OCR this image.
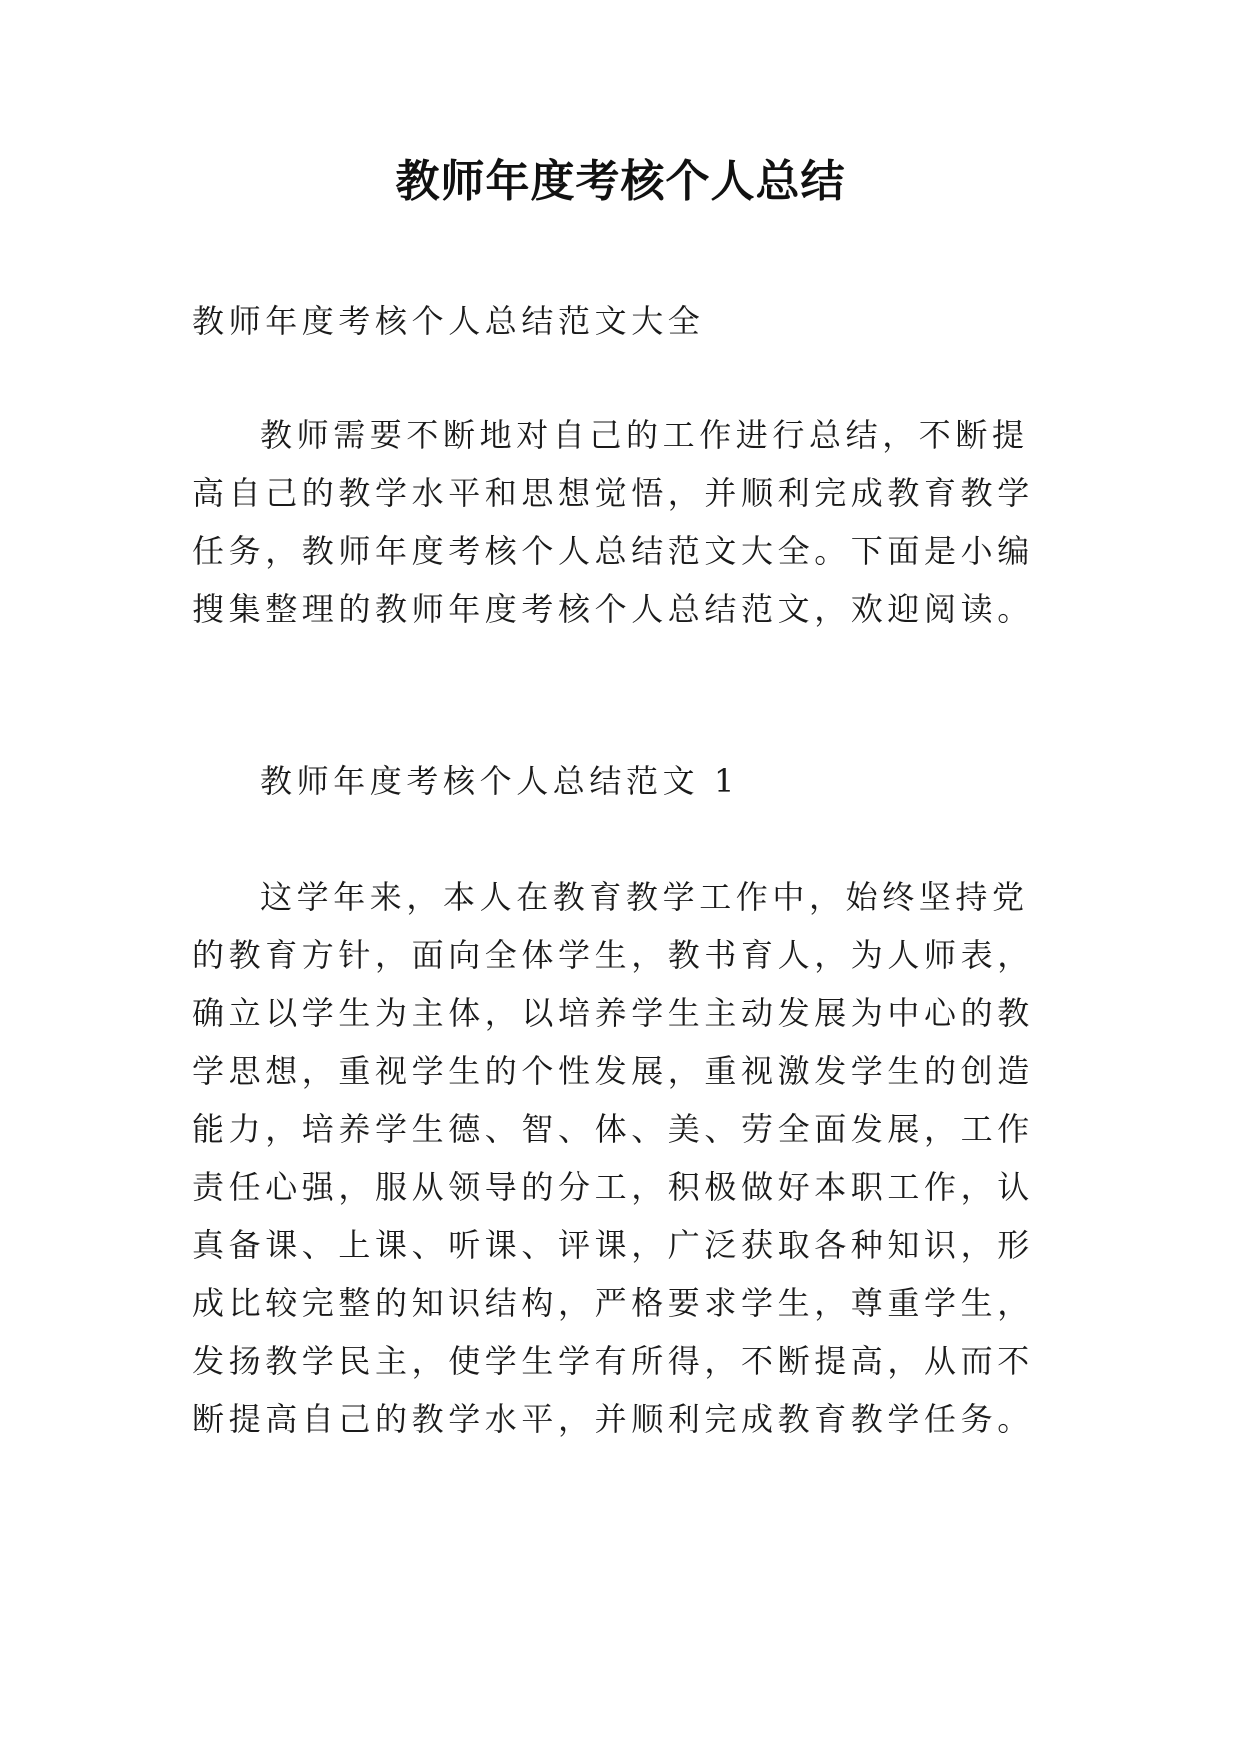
教师年度考核个人总结

教师年度考核个人总结范文大全

教师需要不断地对自己的工作进行总结，不断提高自己的教学水平和思想觉悟，并顺利完成教育教学任务，教师年度考核个人总结范文大全。下面是小编搜集整理的教师年度考核个人总结范文，欢迎阅读。

教师年度考核个人总结范文 1

这学年来，本人在教育教学工作中，始终坚持党的教育方针，面向全体学生，教书育人，为人师表，确立以学生为主体，以培养学生主动发展为中心的教学思想，重视学生的个性发展，重视激发学生的创造能力，培养学生德、智、体、美、劳全面发展，工作责任心强，服从领导的分工，积极做好本职工作，认真备课、上课、听课、评课，广泛获取各种知识，形成比较完整的知识结构，严格要求学生，尊重学生，发扬教学民主，使学生学有所得，不断提高，从而不断提高自己的教学水平，并顺利完成教育教学任务。
